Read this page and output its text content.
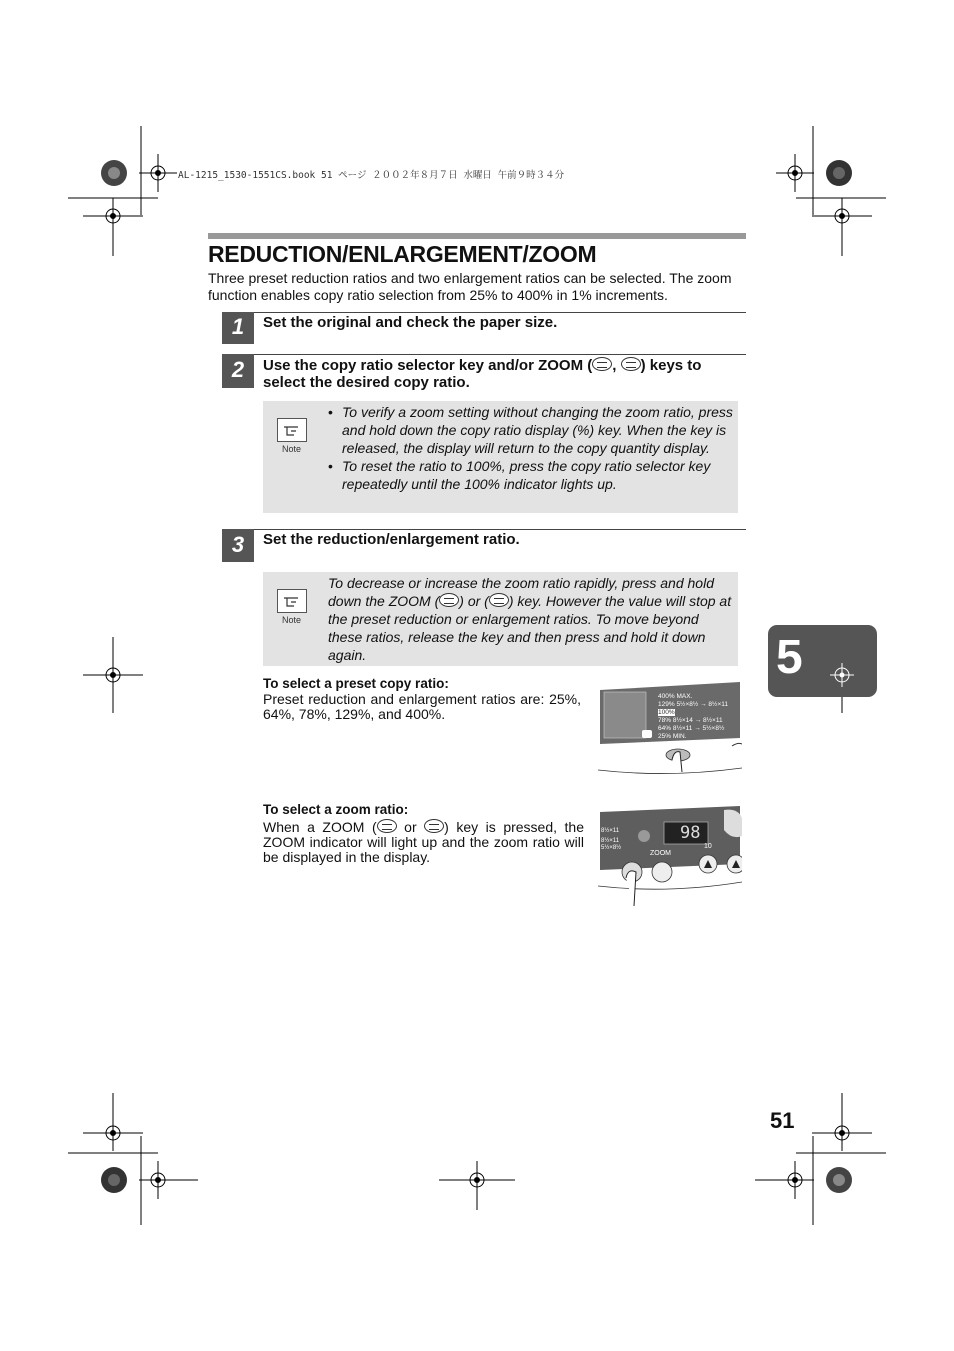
AL-1215_1530-1551CS.book 51 ページ ２００２年８月７日 水曜日 午前９時３４分
REDUCTION/ENLARGEMENT/ZOOM
Three preset reduction ratios and two enlargement ratios can be selected. The zoom function enables copy ratio selection from 25% to 400% in 1% increments.
1	Set the original and check the paper size.
2	Use the copy ratio selector key and/or ZOOM ( , ) keys to select the desired copy ratio.
Note
• To verify a zoom setting without changing the zoom ratio, press and hold down the copy ratio display (%) key. When the key is released, the display will return to the copy quantity display.
• To reset the ratio to 100%, press the copy ratio selector key repeatedly until the 100% indicator lights up.
3	Set the reduction/enlargement ratio.
Note
To decrease or increase the zoom ratio rapidly, press and hold down the ZOOM ( ) or ( ) key. However the value will stop at the preset reduction or enlargement ratios. To move beyond these ratios, release the key and then press and hold it down again.
To select a preset copy ratio:
Preset reduction and enlargement ratios are: 25%, 64%, 78%, 129%, and 400%.
400% MAX.
129% 5½×8½ → 8½×11
100%
78% 8½×14 → 8½×11
64% 8½×11 → 5½×8½
25% MIN.
To select a zoom ratio:
When a ZOOM ( or ) key is pressed, the ZOOM indicator will light up and the zoom ratio will be displayed in the display.
98
ZOOM
10
8½×11
8½×11
5½×8½
5
51
